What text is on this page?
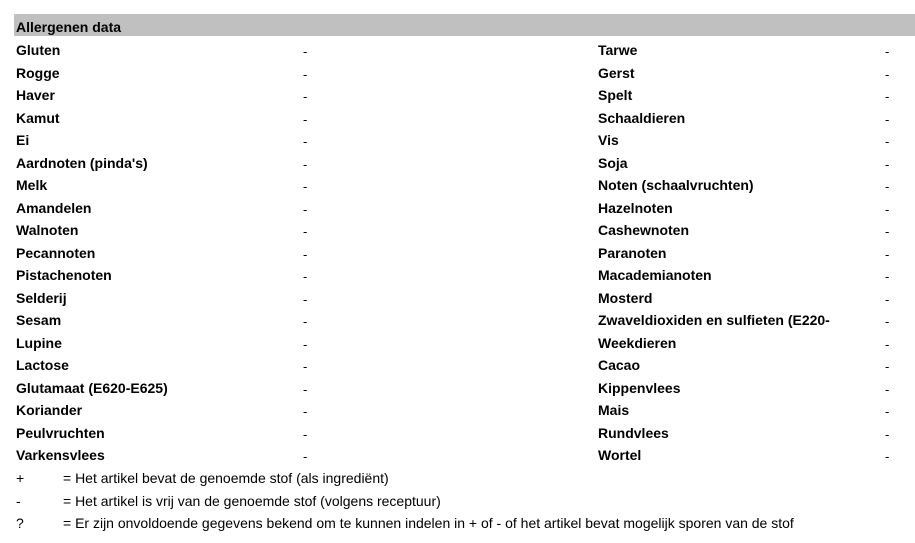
Allergenen data
Gluten	-	Tarwe	-
Rogge	-	Gerst	-
Haver	-	Spelt	-
Kamut	-	Schaaldieren	-
Ei	-	Vis	-
Aardnoten (pinda's)	-	Soja	-
Melk	-	Noten (schaalvruchten)	-
Amandelen	-	Hazelnoten	-
Walnoten	-	Cashewnoten	-
Pecannoten	-	Paranoten	-
Pistachenoten	-	Macademianoten	-
Selderij	-	Mosterd	-
Sesam	-	Zwaveldioxiden en sulfieten (E220-	-
Lupine	-	Weekdieren	-
Lactose	-	Cacao	-
Glutamaat (E620-E625)	-	Kippenvlees	-
Koriander	-	Mais	-
Peulvruchten	-	Rundvlees	-
Varkensvlees	-	Wortel	-
+	= Het artikel bevat de genoemde stof (als ingrediënt)
-	= Het artikel is vrij van de genoemde stof (volgens receptuur)
?	= Er zijn onvoldoende gegevens bekend om te kunnen indelen in + of - of het artikel bevat mogelijk sporen van de stof
